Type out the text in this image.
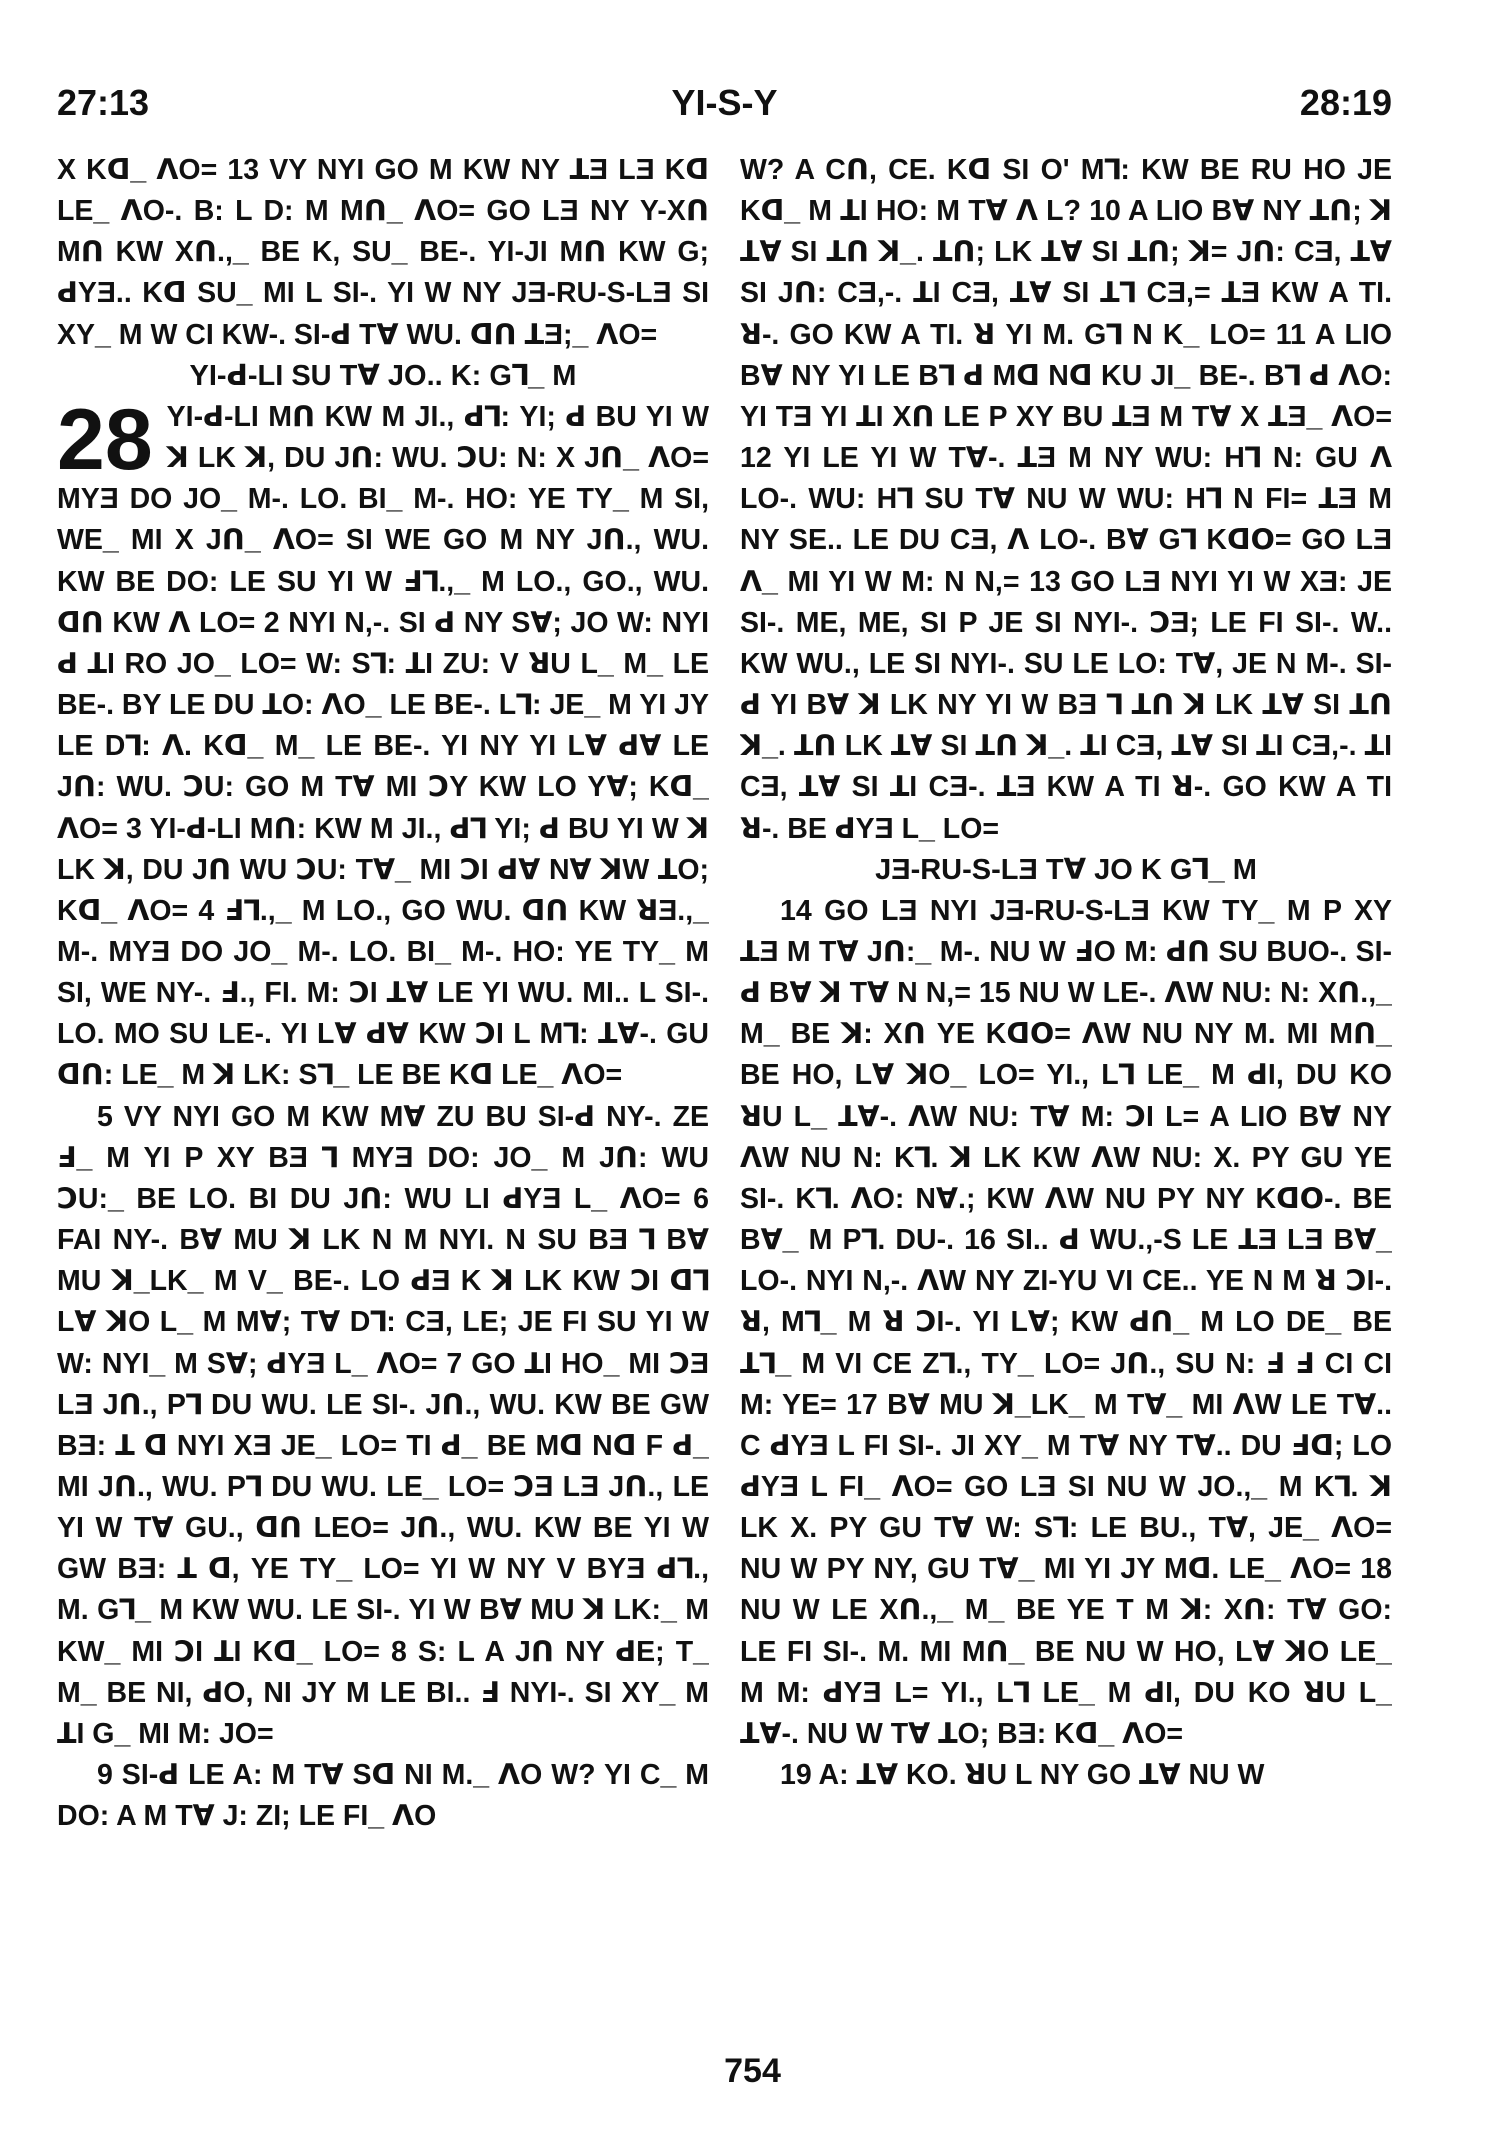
27:13	YI-S-Y	28:19

X Kꓷ_ ꓥO= 13 VY NYI GO M KW NY ꓕƎ LƎ Kꓷ LE_ ꓥO-. B: L D: M Mꓵ_ ꓥO= GO LƎ NY Y-Xꓵ Mꓵ KW Xꓵ.,_ BE K, SU_ BE-. YI-JI Mꓵ KW G; ꓒYƎ.. Kꓷ SU_ MI L SI-. YI W NY JƎ-RU-S-LƎ SI XY_ M W CI KW-. SI-ꓒ Tꓯ WU. ꓷꓵ ꓕƎ;_ ꓥO=

YI-ꓒ-LI SU Tꓯ JO.. K: Gꓶ_ M
28 YI-ꓒ-LI Mꓵ KW M JI., ꓒꓶ: YI; ꓒ BU YI W ꓘ LK ꓘ, DU Jꓵ: WU. ꓛU: N: X Jꓵ_ ꓥO= MYƎ DO JO_ M-. LO. BI_ M-. HO: YE TY_ M SI, WE_ MI X Jꓵ_ ꓥO= SI WE GO M NY Jꓵ., WU. KW BE DO: LE SU YI W ꓞꓶ.,_ M LO., GO., WU. ꓷꓵ KW ꓥ LO= 2 NYI N,-. SI ꓒ NY Sꓯ; JO W: NYI ꓒ ꓕI RO JO_ LO= W: Sꓶ: ꓕI ZU: V ꓤU L_ M_ LE BE-. BY LE DU ꓕO: ꓥO_ LE BE-. Lꓶ: JE_ M YI JY LE Dꓶ: ꓥ. Kꓷ_ M_ LE BE-. YI NY YI Lꓯ ꓒꓯ LE Jꓵ: WU. ꓛU: GO M Tꓯ MI ꓛY KW LO Yꓯ; Kꓷ_ ꓥO= 3 YI-ꓒ-LI Mꓵ: KW M JI., ꓒꓶ YI; ꓒ BU YI W ꓘ LK ꓘ, DU Jꓵ WU ꓛU: Tꓯ_ MI ꓛI ꓒꓯ Nꓯ ꓘW ꓕO; Kꓷ_ ꓥO= 4 ꓞꓶ.,_ M LO., GO WU. ꓷꓵ KW ꓤƎ.,_ M-. MYƎ DO JO_ M-. LO. BI_ M-. HO: YE TY_ M SI, WE NY-. ꓞ., FI. M: ꓛI ꓕꓯ LE YI WU. MI.. L SI-. LO. MO SU LE-. YI Lꓯ ꓒꓯ KW ꓛI L Mꓶ: ꓕꓯ-. GU ꓷꓵ: LE_ M ꓘ LK: Sꓶ_ LE BE Kꓷ LE_ ꓥO=

5 VY NYI GO M KW Mꓯ ZU BU SI-ꓒ NY-. ZE ꓞ_ M YI P XY BƎ ꓶ MYƎ DO: JO_ M Jꓵ: WU ꓛU:_ BE LO. BI DU Jꓵ: WU LI ꓒYƎ L_ ꓥO= 6 FAI NY-. Bꓯ MU ꓘ LK N M NYI. N SU BƎ ꓶ Bꓯ MU ꓘ_LK_ M V_ BE-. LO ꓒƎ K ꓘ LK KW ꓛI ꓷꓶ Lꓯ ꓘO L_ M Mꓯ; Tꓯ Dꓶ: CƎ, LE; JE FI SU YI W W: NYI_ M Sꓯ; ꓒYƎ L_ ꓥO= 7 GO ꓕI HO_ MI ꓛƎ LƎ Jꓵ., Pꓶ DU WU. LE SI-. Jꓵ., WU. KW BE GW BƎ: ꓕ ꓷ NYI XƎ JE_ LO= TI ꓒ_ BE Mꓷ Nꓷ F ꓒ_ MI Jꓵ., WU. Pꓶ DU WU. LE_ LO= ꓛƎ LƎ Jꓵ., LE YI W Tꓯ GU., ꓷꓵ LEO= Jꓵ., WU. KW BE YI W GW BƎ: ꓕ ꓷ, YE TY_ LO= YI W NY V BYƎ ꓒꓶ., M. Gꓶ_ M KW WU. LE SI-. YI W Bꓯ MU ꓘ LK:_ M KW_ MI ꓛI ꓕI Kꓷ_ LO= 8 S: L A Jꓵ NY ꓒE; T_ M_ BE NI, ꓒO, NI JY M LE BI.. ꓞ NYI-. SI XY_ M ꓕI G_ MI M: JO=

9 SI-ꓒ LE A: M Tꓯ Sꓷ NI M._ ꓥO W? YI C_ M DO: A M Tꓯ J: ZI; LE FI_ ꓥO

W? A Cꓵ, CE. Kꓷ SI O' Mꓶ: KW BE RU HO JE Kꓷ_ M ꓕI HO: M Tꓯ ꓥ L? 10 A LIO Bꓯ NY ꓕꓵ; ꓘ ꓕꓯ SI ꓕꓵ ꓘ_. ꓕꓵ; LK ꓕꓯ SI ꓕꓵ; ꓘ= Jꓵ: CƎ, ꓕꓯ SI Jꓵ: CƎ,-. ꓕI CƎ, ꓕꓯ SI ꓕꓶ CƎ,= ꓕƎ KW A TI. ꓤ-. GO KW A TI. ꓤ YI M. Gꓶ N K_ LO= 11 A LIO Bꓯ NY YI LE Bꓶ ꓒ Mꓷ Nꓷ KU JI_ BE-. Bꓶ ꓒ ꓥO: YI TƎ YI ꓕI Xꓵ LE P XY BU ꓕƎ M Tꓯ X ꓕƎ_ ꓥO= 12 YI LE YI W Tꓯ-. ꓕƎ M NY WU: Hꓶ N: GU ꓥ LO-. WU: Hꓶ SU Tꓯ NU W WU: Hꓶ N FI= ꓕƎ M NY SE.. LE DU CƎ, ꓥ LO-. Bꓯ Gꓶ Kꓷꓳ= GO LƎ ꓥ_ MI YI W M: N N,= 13 GO LƎ NYI YI W XƎ: JE SI-. ME, ME, SI P JE SI NYI-. ꓛƎ; LE FI SI-. W.. KW WU., LE SI NYI-. SU LE LO: Tꓯ, JE N M-. SI-ꓒ YI Bꓯ ꓘ LK NY YI W BƎ ꓶ ꓕꓵ ꓘ LK ꓕꓯ SI ꓕꓵ ꓘ_. ꓕꓵ LK ꓕꓯ SI ꓕꓵ ꓘ_. ꓕI CƎ, ꓕꓯ SI ꓕI CƎ,-. ꓕI CƎ, ꓕꓯ SI ꓕI CƎ-. ꓕƎ KW A TI ꓤ-. GO KW A TI ꓤ-. BE ꓒYƎ L_ LO=

JƎ-RU-S-LƎ Tꓯ JO K Gꓶ_ M

14 GO LƎ NYI JƎ-RU-S-LƎ KW TY_ M P XY ꓕƎ M Tꓯ Jꓵ:_ M-. NU W ꓞO M: ꓒꓵ SU BUO-. SI-ꓒ Bꓯ ꓘ Tꓯ N N,= 15 NU W LE-. ꓥW NU: N: Xꓵ.,_ M_ BE ꓘ: Xꓵ YE Kꓷꓳ= ꓥW NU NY M. MI Mꓵ_ BE HO, Lꓯ ꓘO_ LO= YI., Lꓶ LE_ M ꓒI, DU KO ꓤU L_ ꓕꓯ-. ꓥW NU: Tꓯ M: ꓛI L= A LIO Bꓯ NY ꓥW NU N: Kꓶ. ꓘ LK KW ꓥW NU: X. PY GU YE SI-. Kꓶ. ꓥO: Nꓯ.; KW ꓥW NU PY NY Kꓷꓳ-. BE Bꓯ_ M Pꓶ. DU-. 16 SI.. ꓒ WU.,-S LE ꓕƎ LƎ Bꓯ_ LO-. NYI N,-. ꓥW NY ZI-YU VI CE.. YE N M ꓤ ꓛI-. ꓤ, Mꓶ_ M ꓤ ꓛI-. YI Lꓯ; KW ꓒꓵ_ M LO DE_ BE ꓕꓶ_ M VI CE Zꓶ., TY_ LO= Jꓵ., SU N: ꓞ ꓞ CI CI M: YE= 17 Bꓯ MU ꓘ_LK_ M Tꓯ_ MI ꓥW LE Tꓯ.. C ꓒYƎ L FI SI-. JI XY_ M Tꓯ NY Tꓯ.. DU ꓞꓷ; LO ꓒYƎ L FI_ ꓥO= GO LƎ SI NU W JO.,_ M Kꓶ. ꓘ LK X. PY GU Tꓯ W: Sꓶ: LE BU., Tꓯ, JE_ ꓥO= NU W PY NY, GU Tꓯ_ MI YI JY Mꓷ. LE_ ꓥO= 18 NU W LE Xꓵ.,_ M_ BE YE T M ꓘ: Xꓵ: Tꓯ GO: LE FI SI-. M. MI Mꓵ_ BE NU W HO, Lꓯ ꓘO LE_ M M: ꓒYƎ L= YI., Lꓶ LE_ M ꓒI, DU KO ꓤU L_ ꓕꓯ-. NU W Tꓯ ꓕO; BƎ: Kꓷ_ ꓥO=

19 A: ꓕꓯ KO. ꓤU L NY GO ꓕꓯ NU W

754
